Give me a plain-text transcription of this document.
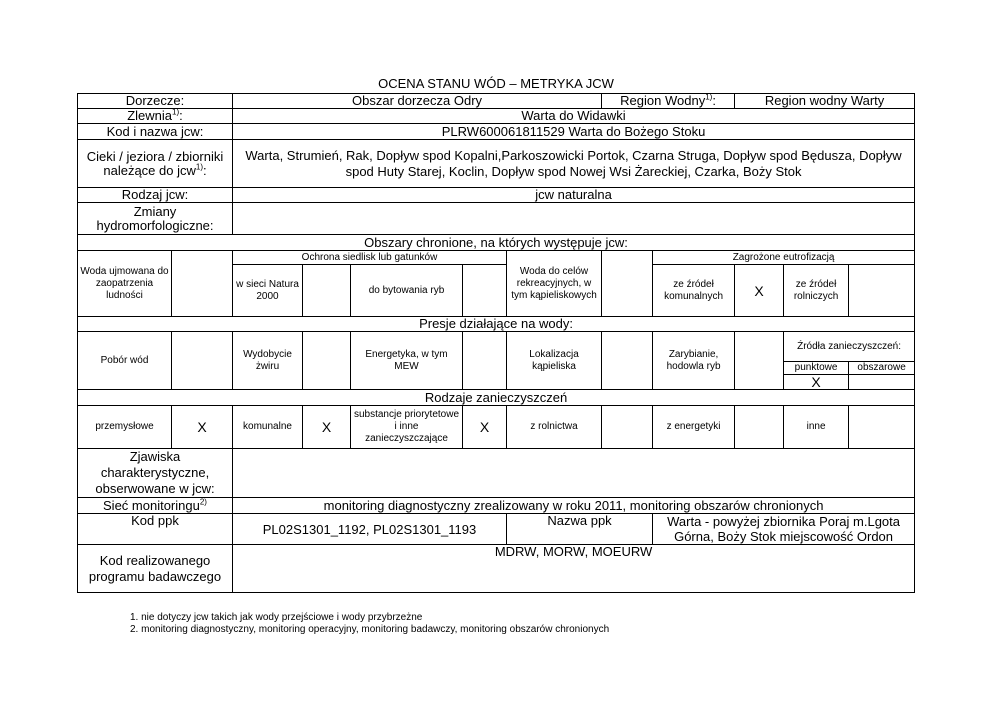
OCENA STANU WÓD – METRYKA JCW
Dorzecze:		Obszar dorzecza Odry					Region Wodny$^{1)}$:		Region wodny Warty		
Zlewnia$^{1)}$:		Warta do Widawki									
Kod i nazwa jcw:		PLRW600061811529 Warta do Bożego Stoku									
Cieki / jeziora / zbiorniki należące do jcw$^{1)}$:		Warta, Strumień, Rak, Dopływ spod Kopalni,Parkoszowicki Portok, Czarna Struga, Dopływ spod Będusza, Dopływ spod Huty Starej, Koclin, Dopływ spod Nowej Wsi Żareckiej, Czarka, Boży Stok									
Rodzaj jcw:		jcw naturalna									
Zmiany hydromorfologiczne:											
Obszary chronione, na których występuje jcw:											
Woda ujmowana do zaopatrzenia ludności		Ochrona siedlisk lub gatunków				Woda do celów rekreacyjnych, w tym kąpieliskowych		Zagrożone eutrofizacją			
		w sieci Natura 2000		do bytowania ryb				ze źródeł komunalnych	X	ze źródeł rolniczych	
Presje działające na wody:											
Pobór wód		Wydobycie żwiru		Energetyka, w tym MEW		Lokalizacja kąpieliska		Zarybianie, hodowla ryb		Źródła zanieczyszczeń:	
										punktowe	obszarowe
										X	
Rodzaje zanieczyszczeń											
przemysłowe	X	komunalne	X	substancje priorytetowe i inne zanieczyszczające	X	z rolnictwa		z energetyki		inne	
Zjawiska charakterystyczne, obserwowane w jcw:											
Sieć monitoringu$^{2)}$		monitoring diagnostyczny zrealizowany w roku 2011, monitoring obszarów chronionych									
Kod ppk		PL02S1301_1192, PL02S1301_1193				Nazwa ppk		Warta - powyżej zbiornika Poraj m.Lgota Górna, Boży Stok miejscowość Ordon			
Kod realizowanego programu badawczego		MDRW, MORW, MOEURW									
1. nie dotyczy jcw takich jak wody przejściowe i wody przybrzeżne
2. monitoring diagnostyczny, monitoring operacyjny, monitoring badawczy, monitoring obszarów chronionych
